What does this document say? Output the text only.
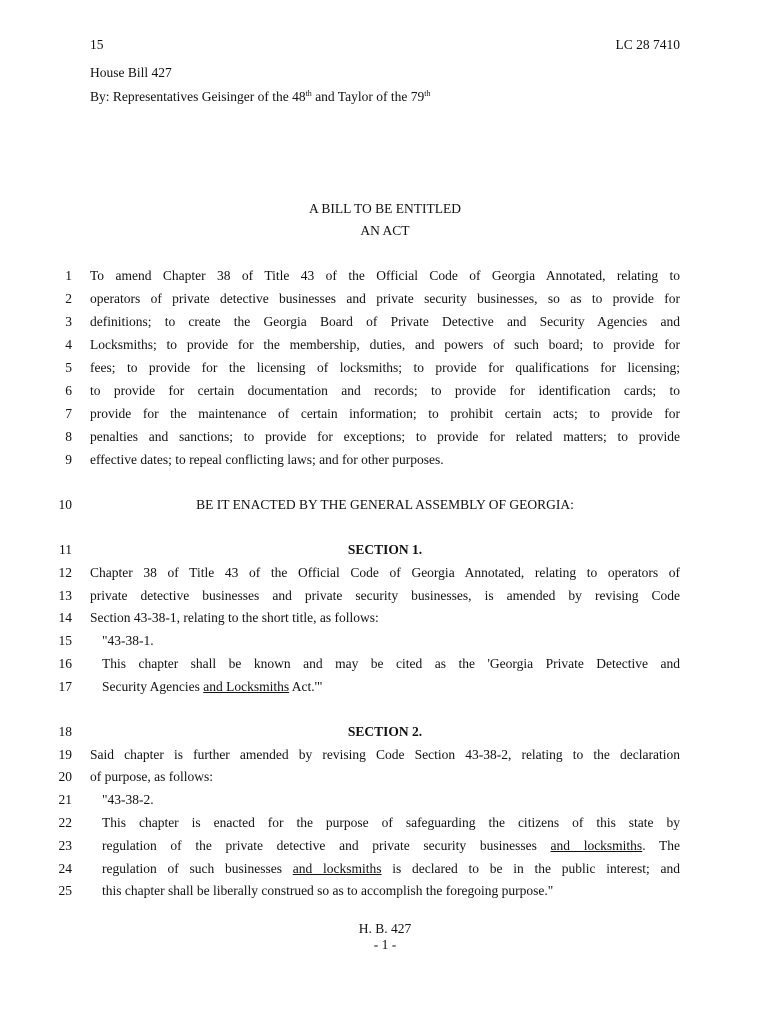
15	LC 28 7410
House Bill 427
By: Representatives Geisinger of the 48th and Taylor of the 79th
A BILL TO BE ENTITLED
AN ACT
1 To amend Chapter 38 of Title 43 of the Official Code of Georgia Annotated, relating to
2 operators of private detective businesses and private security businesses, so as to provide for
3 definitions; to create the Georgia Board of Private Detective and Security Agencies and
4 Locksmiths; to provide for the membership, duties, and powers of such board; to provide for
5 fees; to provide for the licensing of locksmiths; to provide for qualifications for licensing;
6 to provide for certain documentation and records; to provide for identification cards; to
7 provide for the maintenance of certain information; to prohibit certain acts; to provide for
8 penalties and sanctions; to provide for exceptions; to provide for related matters; to provide
9 effective dates; to repeal conflicting laws; and for other purposes.
10	BE IT ENACTED BY THE GENERAL ASSEMBLY OF GEORGIA:
11	SECTION 1.
12 Chapter 38 of Title 43 of the Official Code of Georgia Annotated, relating to operators of
13 private detective businesses and private security businesses, is amended by revising Code
14 Section 43-38-1, relating to the short title, as follows:
15 "43-38-1.
16 This chapter shall be known and may be cited as the 'Georgia Private Detective and
17 Security Agencies and Locksmiths Act.'"
18	SECTION 2.
19 Said chapter is further amended by revising Code Section 43-38-2, relating to the declaration
20 of purpose, as follows:
21 "43-38-2.
22 This chapter is enacted for the purpose of safeguarding the citizens of this state by
23 regulation of the private detective and private security businesses and locksmiths. The
24 regulation of such businesses and locksmiths is declared to be in the public interest; and
25 this chapter shall be liberally construed so as to accomplish the foregoing purpose."
H. B. 427
- 1 -
